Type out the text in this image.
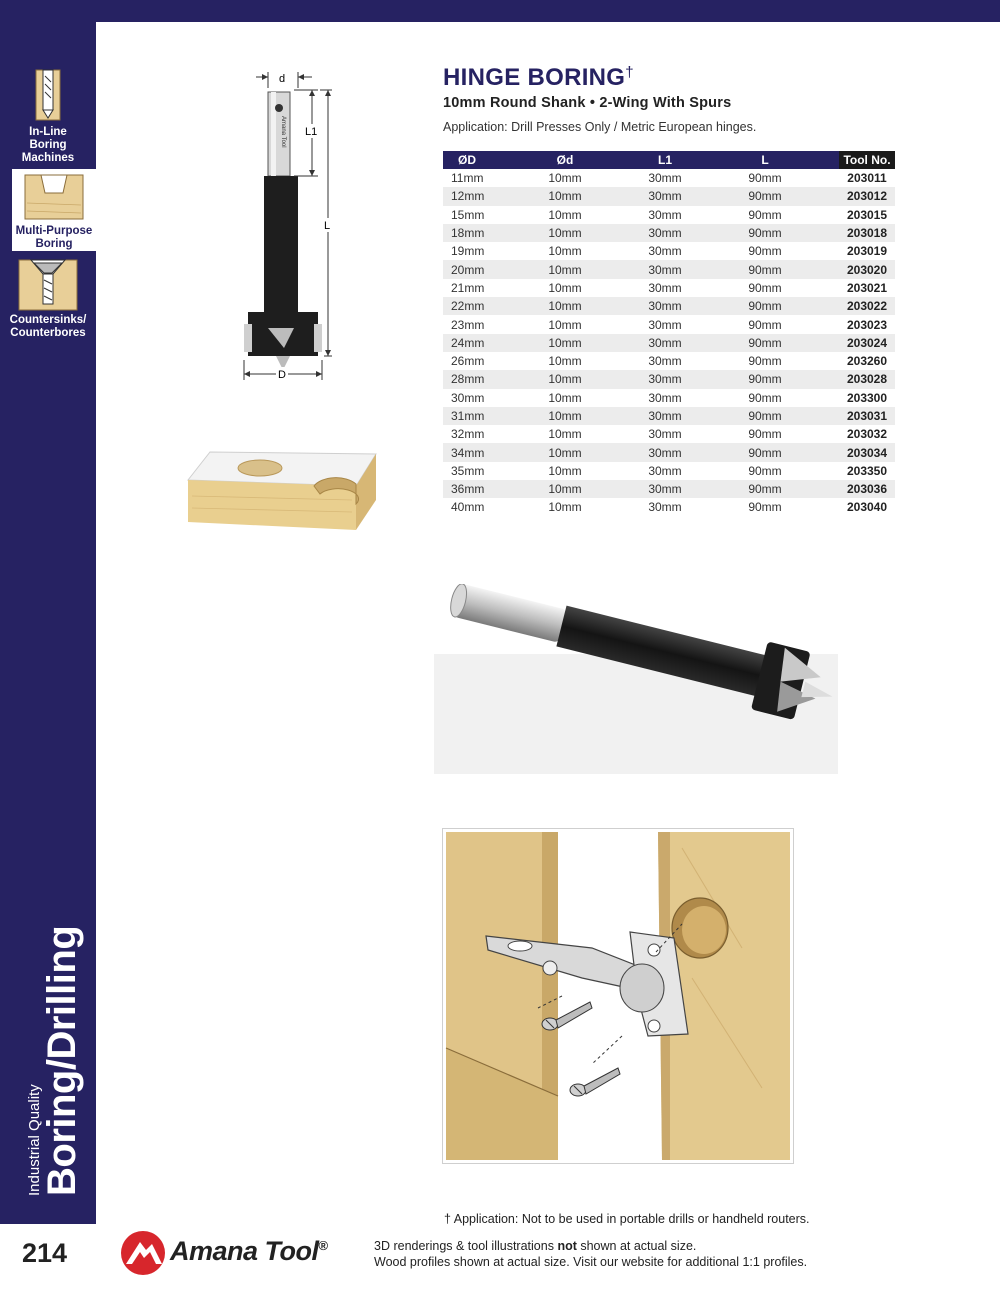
In-Line
Boring
Machines
Multi-Purpose
Boring
Countersinks/
Counterbores
Industrial Quality
Boring/Drilling
d
Amana Tool L1
L
D
HINGE BORING†
10mm Round Shank • 2-Wing With Spurs
Application: Drill Presses Only / Metric European hinges.
ØD	Ød	L1	L	Tool No.
11mm	10mm	30mm	90mm	203011
12mm	10mm	30mm	90mm	203012
15mm	10mm	30mm	90mm	203015
18mm	10mm	30mm	90mm	203018
19mm	10mm	30mm	90mm	203019
20mm	10mm	30mm	90mm	203020
21mm	10mm	30mm	90mm	203021
22mm	10mm	30mm	90mm	203022
23mm	10mm	30mm	90mm	203023
24mm	10mm	30mm	90mm	203024
26mm	10mm	30mm	90mm	203260
28mm	10mm	30mm	90mm	203028
30mm	10mm	30mm	90mm	203300
31mm	10mm	30mm	90mm	203031
32mm	10mm	30mm	90mm	203032
34mm	10mm	30mm	90mm	203034
35mm	10mm	30mm	90mm	203350
36mm	10mm	30mm	90mm	203036
40mm	10mm	30mm	90mm	203040
† Application: Not to be used in portable drills or handheld routers.
214	Amana Tool®	3D renderings & tool illustrations not shown at actual size.
Wood profiles shown at actual size. Visit our website for additional 1:1 profiles.
